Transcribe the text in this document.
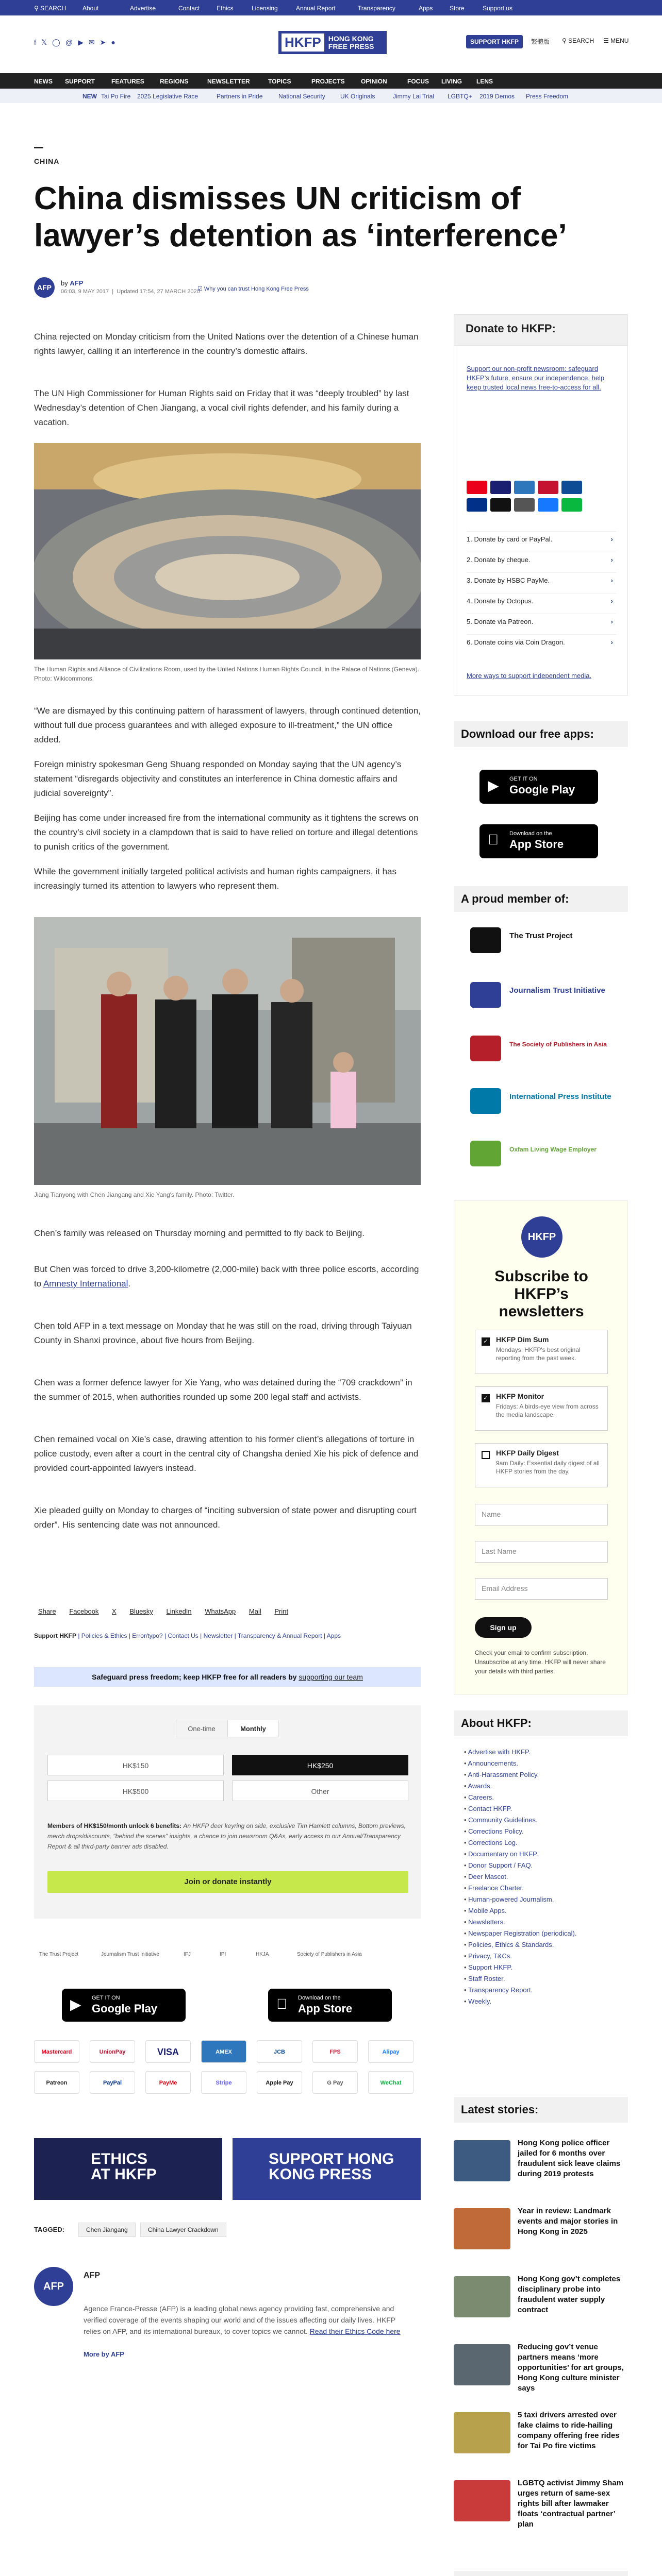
⚲ SEARCH	About	Advertise	Contact	Ethics	Licensing	Annual Report	Transparency	Apps	Store	Support us
f𝕏◯@▶✉➤●	HKFP	HONG KONG
FREE PRESS
SUPPORT HKFP	繁體版 ⚲ SEARCH ☰ MENU
NEWS SUPPORT	FEATURES	REGIONS	NEWSLETTER	TOPICS	PROJECTS	OPINION	FOCUS LIVING LENS
NEW Tai Po Fire 2025 Legislative Race	Partners in Pride	National Security UK Originals	Jimmy Lai Trial LGBTQ+ 2019 Demos Press Freedom
CHINA
China dismisses UN criticism of lawyer’s detention as ‘interference’
AFP
by AFP
06:03, 9 MAY 2017  |  Updated 17:54, 27 MARCH 2020
☑ Why you can trust Hong Kong Free Press

China rejected on Monday criticism from the United Nations over the detention of a Chinese human rights lawyer, calling it an interference in the country’s domestic affairs.

The UN High Commissioner for Human Rights said on Friday that it was “deeply troubled” by last Wednesday’s detention of Chen Jiangang, a vocal civil rights defender, and his family during a vacation.

The Human Rights and Alliance of Civilizations Room, used by the United Nations Human Rights Council, in the Palace of Nations (Geneva). Photo: Wikicommons.

“We are dismayed by this continuing pattern of harassment of lawyers, through continued detention, without full due process guarantees and with alleged exposure to ill-treatment,” the UN office added.

Foreign ministry spokesman Geng Shuang responded on Monday saying that the UN agency’s statement “disregards objectivity and constitutes an interference in China domestic affairs and judicial sovereignty”.

Beijing has come under increased fire from the international community as it tightens the screws on the country’s civil society in a clampdown that is said to have relied on torture and illegal detentions to punish critics of the government.

While the government initially targeted political activists and human rights campaigners, it has increasingly turned its attention to lawyers who represent them.

Jiang Tianyong with Chen Jiangang and Xie Yang's family. Photo: Twitter.

Chen’s family was released on Thursday morning and permitted to fly back to Beijing.

But Chen was forced to drive 3,200-kilometre (2,000-mile) back with three police escorts, according to Amnesty International.

Chen told AFP in a text message on Monday that he was still on the road, driving through Taiyuan County in Shanxi province, about five hours from Beijing.

Chen was a former defence lawyer for Xie Yang, who was detained during the “709 crackdown” in the summer of 2015, when authorities rounded up some 200 legal staff and activists.

Chen remained vocal on Xie’s case, drawing attention to his former client’s allegations of torture in police custody, even after a court in the central city of Changsha denied Xie his pick of defence and provided court-appointed lawyers instead.

Xie pleaded guilty on Monday to charges of “inciting subversion of state power and disrupting court order”. His sentencing date was not announced.

Share Facebook X Bluesky LinkedIn WhatsApp Mail Print
Support HKFP | Policies & Ethics | Error/typo? | Contact Us | Newsletter | Transparency & Annual Report | Apps
Safeguard press freedom; keep HKFP free for all readers by supporting our team
One-time	Monthly
HK$150	HK$250
HK$500	Other

Members of HK$150/month unlock 6 benefits: An HKFP deer keyring on side, exclusive Tim Hamlett columns, Bottom previews, merch drops/discounts, "behind the scenes" insights, a chance to join newsroom Q&As, early access to our Annual/Transparency Report & all third-party banner ads disabled.

Join or donate instantly
The Trust Project	Journalism Trust Initiative	IFJ	IPI	HKJA	Society of Publishers in Asia
▶ GET IT ON
Google Play
Download on the
App Store
Mastercard	UnionPay	VISA	AMEX	JCB	FPS	Alipay
Patreon	PayPal	PayMe	Stripe	Apple Pay	G Pay	WeChat
ETHICS
AT HKFP
SUPPORT HONG
KONG PRESS
TAGGED:	Chen Jiangang	China Lawyer Crackdown
AFP
AFP

Agence France-Presse (AFP) is a leading global news agency providing fast, comprehensive and verified coverage of the events shaping our world and of the issues affecting our daily lives. HKFP relies on AFP, and its international bureaux, to cover topics we cannot. Read their Ethics Code here

More by AFP
Donate to HKFP:

Support our non-profit newsroom: safeguard HKFP’s future, ensure our independence, help keep trusted local news free-to-access for all.

1. Donate by card or PayPal.	›
2. Donate by cheque.	›
3. Donate by HSBC PayMe.	›
4. Donate by Octopus.	›
5. Donate via Patreon.	›
6. Donate coins via Coin Dragon.	›

More ways to support independent media.

Download our free apps:
▶ GET IT ON
Google Play
Download on the
App Store
A proud member of:
The Trust Project
Journalism Trust Initiative
The Society of Publishers in Asia
International Press Institute
Oxfam Living Wage Employer
HKFP
Subscribe to HKFP’s newsletters
✓ HKFP Dim Sum
Mondays: HKFP's best original reporting from the past week.
✓ HKFP Monitor
Fridays: A birds-eye view from across the media landscape.
HKFP Daily Digest
9am Daily: Essential daily digest of all HKFP stories from the day.
Name
Last Name
Email Address
Sign up

Check your email to confirm subscription. Unsubscribe at any time. HKFP will never share your details with third parties.

About HKFP:
• Advertise with HKFP.
• Announcements.
• Anti-Harassment Policy.
• Awards.
• Careers.
• Contact HKFP.
• Community Guidelines.
• Corrections Policy.
• Corrections Log.
• Documentary on HKFP.
• Donor Support / FAQ.
• Deer Mascot.
• Freelance Charter.
• Human-powered Journalism.
• Mobile Apps.
• Newsletters.
• Newspaper Registration (periodical).
• Policies, Ethics & Standards.
• Privacy, T&Cs.
• Support HKFP.
• Staff Roster.
• Transparency Report.
• Weekly.
Latest stories:
Hong Kong police officer jailed for 6 months over fraudulent sick leave claims during 2019 protests
Year in review: Landmark events and major stories in Hong Kong in 2025
Hong Kong gov’t completes disciplinary probe into fraudulent water supply contract
Reducing gov’t venue partners means ‘more opportunities’ for art groups, Hong Kong culture minister says
5 taxi drivers arrested over fake claims to ride-hailing company offering free rides for Tai Po fire victims
LGBTQ activist Jimmy Sham urges return of same-sex rights bill after lawmaker floats ‘contractual partner’ plan
